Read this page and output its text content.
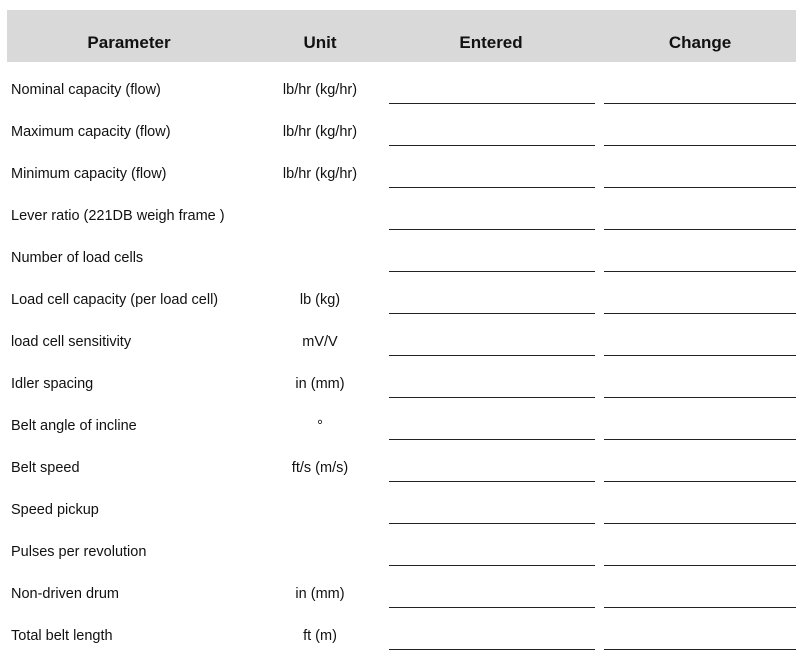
Parameter	Unit	Entered	Change
Nominal capacity (flow)	lb/hr (kg/hr)
Maximum capacity (flow)	lb/hr (kg/hr)
Minimum capacity (flow)	lb/hr (kg/hr)
Lever ratio (221DB weigh frame )
Number of load cells
Load cell capacity (per load cell)	lb (kg)
load cell sensitivity	mV/V
Idler spacing	in (mm)
Belt angle of incline	°
Belt speed	ft/s (m/s)
Speed pickup
Pulses per revolution
Non-driven drum	in (mm)
Total belt length	ft (m)
